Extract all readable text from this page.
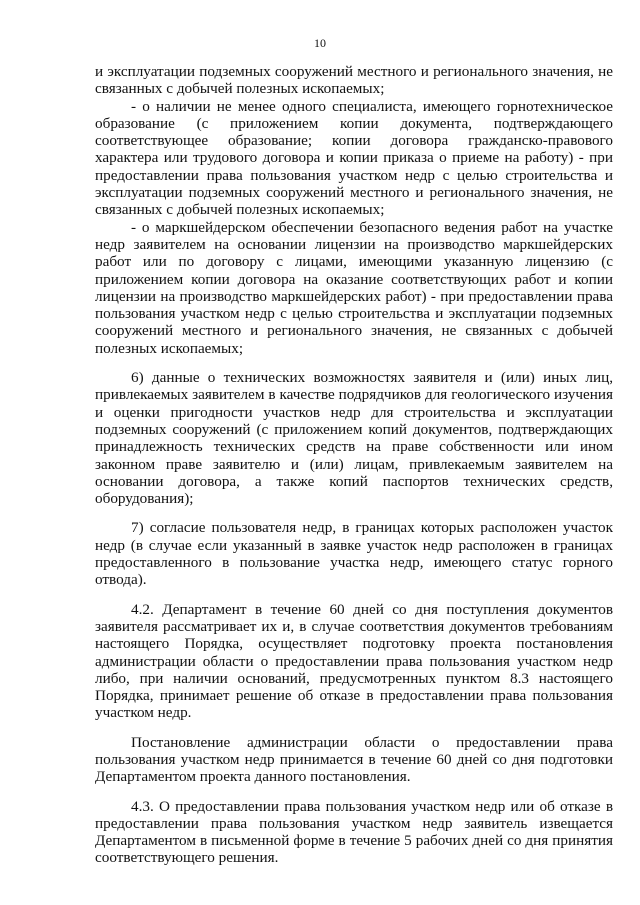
10

и эксплуатации подземных сооружений местного и регионального значения, не связанных с добычей полезных ископаемых;

- о наличии не менее одного специалиста, имеющего горнотехническое образование (с приложением копии документа, подтверждающего соответствующее образование; копии договора гражданско-правового характера или трудового договора и копии приказа о приеме на работу) - при предоставлении права пользования участком недр с целью строительства и эксплуатации подземных сооружений местного и регионального значения, не связанных с добычей полезных ископаемых;

- о маркшейдерском обеспечении безопасного ведения работ на участке недр заявителем на основании лицензии на производство маркшейдерских работ или по договору с лицами, имеющими указанную лицензию (с приложением копии договора на оказание соответствующих работ и копии лицензии на производство маркшейдерских работ) - при предоставлении права пользования участком недр с целью строительства и эксплуатации подземных сооружений местного и регионального значения, не связанных с добычей полезных ископаемых;

6) данные о технических возможностях заявителя и (или) иных лиц, привлекаемых заявителем в качестве подрядчиков для геологического изучения и оценки пригодности участков недр для строительства и эксплуатации подземных сооружений (с приложением копий документов, подтверждающих принадлежность технических средств на праве собственности или ином законном праве заявителю и (или) лицам, привлекаемым заявителем на основании договора, а также копий паспортов технических средств, оборудования);

7) согласие пользователя недр, в границах которых расположен участок недр (в случае если указанный в заявке участок недр расположен в границах предоставленного в пользование участка недр, имеющего статус горного отвода).

4.2. Департамент в течение 60 дней со дня поступления документов заявителя рассматривает их и, в случае соответствия документов требованиям настоящего Порядка, осуществляет подготовку проекта постановления администрации области о предоставлении права пользования участком недр либо, при наличии оснований, предусмотренных пунктом 8.3 настоящего Порядка, принимает решение об отказе в предоставлении права пользования участком недр.

Постановление администрации области о предоставлении права пользования участком недр принимается в течение 60 дней со дня подготовки Департаментом проекта данного постановления.

4.3. О предоставлении права пользования участком недр или об отказе в предоставлении права пользования участком недр заявитель извещается Департаментом в письменной форме в течение 5 рабочих дней со дня принятия соответствующего решения.
